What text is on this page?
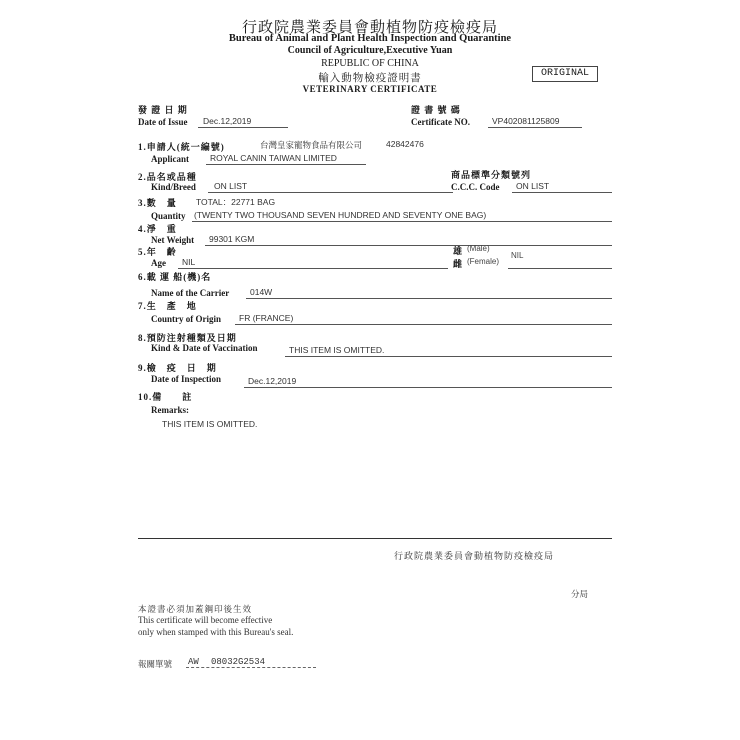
行政院農業委員會動植物防疫檢疫局
Bureau of Animal and Plant Health Inspection and Quarantine
Council of Agriculture,Executive Yuan
REPUBLIC OF CHINA
輸入動物檢疫證明書
VETERINARY CERTIFICATE
ORIGINAL
發 證 日 期
Date of Issue Dec.12,2019
證 書 號 碼
Certificate NO.	VP402081125809
1.申請人(統一編號)	台灣皇家寵物食品有限公司	42842476
Applicant ROYAL CANIN TAIWAN LIMITED
2.品名或品種
Kind/Breed ON LIST
商品標準分類號列
C.C.C. Code ON LIST
3.數　量 TOTAL：22771 BAG
Quantity (TWENTY TWO THOUSAND SEVEN HUNDRED AND SEVENTY ONE BAG)
4.淨　重
Net Weight 99301 KGM
5.年　齡
Age NIL
雄 (Male)
雌 (Female)
NIL
6.載 運 船(機)名
Name of the Carrier 014W
7.生　產　地
Country of Origin FR (FRANCE)
8.預防注射種類及日期
Kind & Date of Vaccination	THIS ITEM IS OMITTED.
9.檢　疫　日　期
Date of Inspection	Dec.12,2019
10.備　　註
Remarks:
THIS ITEM IS OMITTED.
行政院農業委員會動植物防疫檢疫局
分局
本證書必須加蓋鋼印後生效
This certificate will become effective
only when stamped with this Bureau's seal.
報關單號 AW 08032G2534
